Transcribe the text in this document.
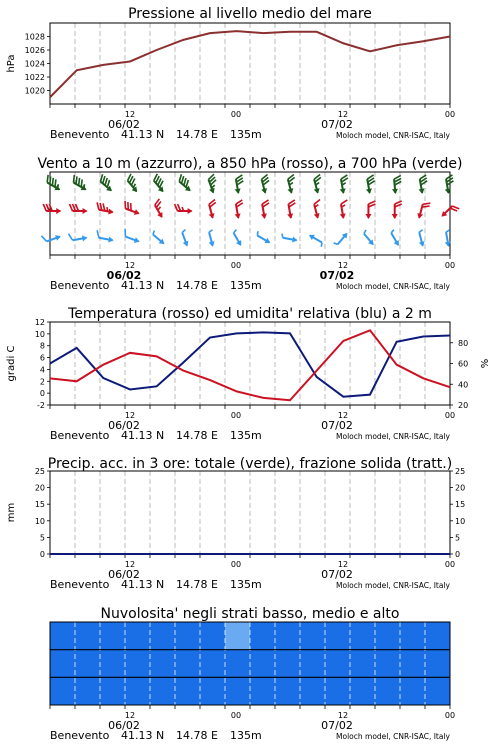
Pressione al livello medio del mare
Vento a 10 m (azzurro), a 850 hPa (rosso), a 700 hPa (verde)
Temperatura (rosso) ed umidita' relativa (blu) a 2 m
Precip. acc. in 3 ore: totale (verde), frazione solida (tratt.)
Nuvolosita' negli strati basso, medio e alto
12	00	12	00
06/02	07/02
Benevento 41.13 N 14.78 E 135m	Moloch model, CNR-ISAC, Italy
1020
1022
1024
1026
1028
hPa
12	00	12	00
06/02	07/02
Benevento 41.13 N 14.78 E 135m	Moloch model, CNR-ISAC, Italy
12	00	12	00
06/02	07/02
Benevento 41.13 N 14.78 E 135m	Moloch model, CNR-ISAC, Italy
-2
0
2
4
6
8
10
12
20
40
60
80
gradi C	%
12	00	12	00
06/02	07/02
Benevento 41.13 N 14.78 E 135m	Moloch model, CNR-ISAC, Italy
0	0
5	5
10	10
15	15
20	20
25	25
mm
12	00	12	00
06/02	07/02
Benevento 41.13 N 14.78 E 135m	Moloch model, CNR-ISAC, Italy
